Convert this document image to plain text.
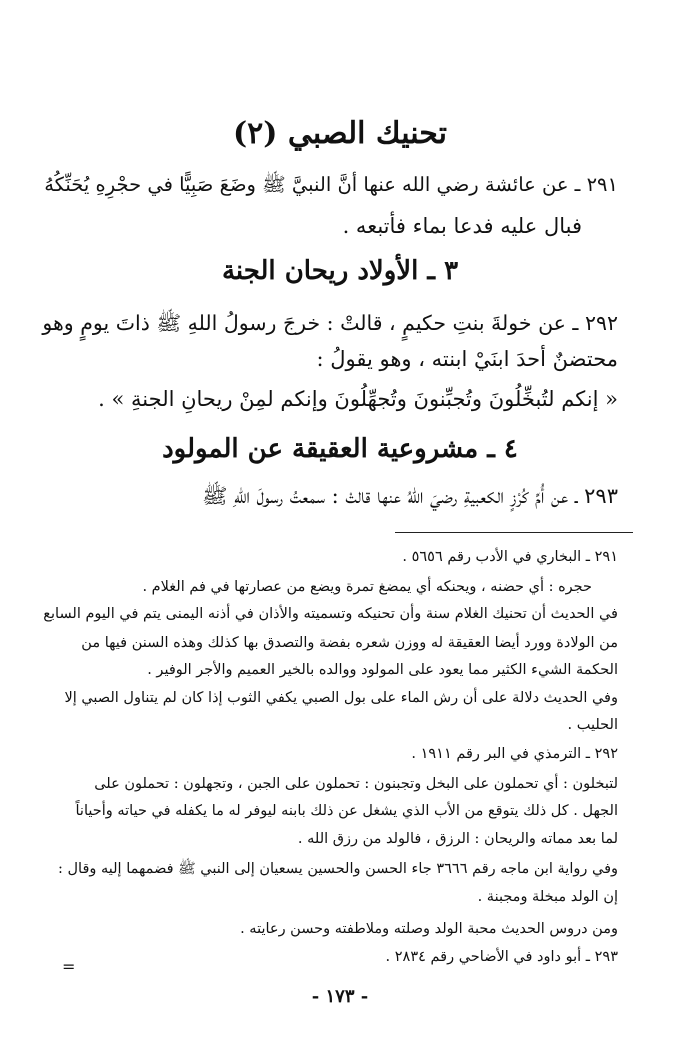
تحنيك الصبي (٢)
٢٩١ ـ عن عائشة رضي الله عنها أنَّ النبيَّ ﷺ وضَعَ صَبِيًّا في حجْرِهِ يُحَنِّكُهُ
فبال عليه فدعا بماء فأتبعه .
٣ ـ الأولاد ريحان الجنة
٢٩٢ ـ عن خولةَ بنتِ حكيمٍ ، قالتْ : خرجَ رسولُ اللهِ ﷺ ذاتَ يومٍ وهو
محتضنٌ أحدَ ابنَيْ ابنته ، وهو يقولُ :
« إنكم لتُبخِّلُونَ وتُجبِّنونَ وتُجهِّلُونَ وإنكم لمِنْ ريحانِ الجنةِ » .
٤ ـ مشروعية العقيقة عن المولود
٢٩٣ ـ عن أُمِّ كُرْزٍ الكعبيةِ رضيَ اللهُ عنها قالتْ : سمعتُ رسولَ اللهِ ﷺ
٢٩١ ـ البخاري في الأدب رقم ٥٦٥٦ .
حجره : أي حضنه ، ويحنكه أي يمضغ تمرة ويضع من عصارتها في فم الغلام .
في الحديث أن تحنيك الغلام سنة وأن تحنيكه وتسميته والأذان في أذنه اليمنى يتم في اليوم السابع
من الولادة وورد أيضا العقيقة له ووزن شعره بفضة والتصدق بها كذلك وهذه السنن فيها من
الحكمة الشيء الكثير مما يعود على المولود ووالده بالخير العميم والأجر الوفير .
وفي الحديث دلالة على أن رش الماء على بول الصبي يكفي الثوب إذا كان لم يتناول الصبي إلا
الحليب .
٢٩٢ ـ الترمذي في البر رقم ١٩١١ .
لتبخلون : أي تحملون على البخل وتجبنون : تحملون على الجبن ، وتجهلون : تحملون على
الجهل . كل ذلك يتوقع من الأب الذي يشغل عن ذلك بابنه ليوفر له ما يكفله في حياته وأحياناً
لما بعد مماته والريحان : الرزق ، فالولد من رزق الله .
وفي رواية ابن ماجه رقم ٣٦٦٦ جاء الحسن والحسين يسعيان إلى النبي ﷺ فضمهما إليه وقال :
إن الولد مبخلة ومجبنة .
ومن دروس الحديث محبة الولد وصلته وملاطفته وحسن رعايته .
٢٩٣ ـ أبو داود في الأضاحي رقم ٢٨٣٤ .
=
- ١٧٣ -
